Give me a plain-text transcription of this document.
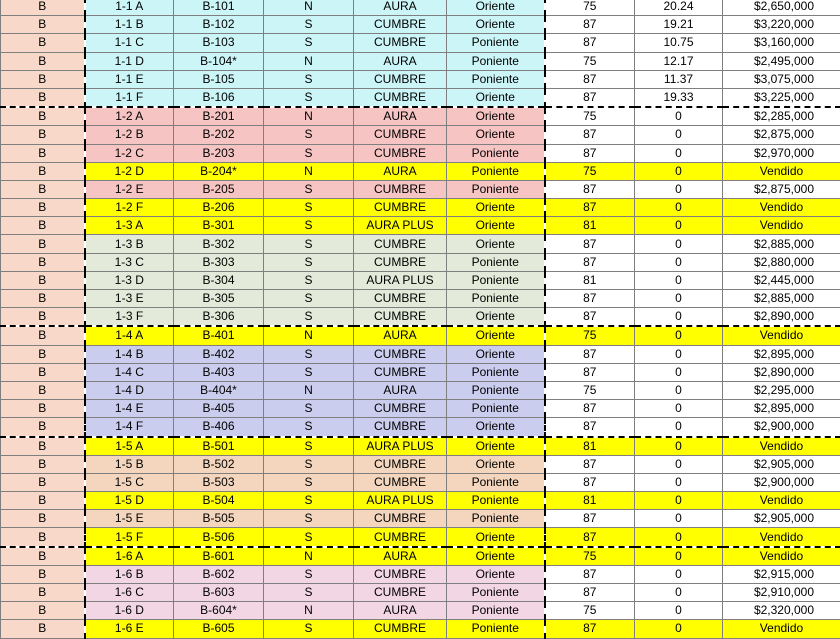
B	1-1 A	B-101	N	AURA	Oriente	75	20.24	$2,650,000
B	1-1 B	B-102	S	CUMBRE	Oriente	87	19.21	$3,220,000
B	1-1 C	B-103	S	CUMBRE	Poniente	87	10.75	$3,160,000
B	1-1 D	B-104*	N	AURA	Poniente	75	12.17	$2,495,000
B	1-1 E	B-105	S	CUMBRE	Poniente	87	11.37	$3,075,000
B	1-1 F	B-106	S	CUMBRE	Oriente	87	19.33	$3,225,000
B	1-2 A	B-201	N	AURA	Oriente	75	0	$2,285,000
B	1-2 B	B-202	S	CUMBRE	Oriente	87	0	$2,875,000
B	1-2 C	B-203	S	CUMBRE	Poniente	87	0	$2,970,000
B	1-2 D	B-204*	N	AURA	Poniente	75	0	Vendido
B	1-2 E	B-205	S	CUMBRE	Poniente	87	0	$2,875,000
B	1-2 F	B-206	S	CUMBRE	Oriente	87	0	Vendido
B	1-3 A	B-301	S	AURA PLUS	Oriente	81	0	Vendido
B	1-3 B	B-302	S	CUMBRE	Oriente	87	0	$2,885,000
B	1-3 C	B-303	S	CUMBRE	Poniente	87	0	$2,880,000
B	1-3 D	B-304	S	AURA PLUS	Poniente	81	0	$2,445,000
B	1-3 E	B-305	S	CUMBRE	Poniente	87	0	$2,885,000
B	1-3 F	B-306	S	CUMBRE	Oriente	87	0	$2,890,000
B	1-4 A	B-401	N	AURA	Oriente	75	0	Vendido
B	1-4 B	B-402	S	CUMBRE	Oriente	87	0	$2,895,000
B	1-4 C	B-403	S	CUMBRE	Poniente	87	0	$2,890,000
B	1-4 D	B-404*	N	AURA	Poniente	75	0	$2,295,000
B	1-4 E	B-405	S	CUMBRE	Poniente	87	0	$2,895,000
B	1-4 F	B-406	S	CUMBRE	Oriente	87	0	$2,900,000
B	1-5 A	B-501	S	AURA PLUS	Oriente	81	0	Vendido
B	1-5 B	B-502	S	CUMBRE	Oriente	87	0	$2,905,000
B	1-5 C	B-503	S	CUMBRE	Poniente	87	0	$2,900,000
B	1-5 D	B-504	S	AURA PLUS	Poniente	81	0	Vendido
B	1-5 E	B-505	S	CUMBRE	Poniente	87	0	$2,905,000
B	1-5 F	B-506	S	CUMBRE	Oriente	87	0	Vendido
B	1-6 A	B-601	N	AURA	Oriente	75	0	Vendido
B	1-6 B	B-602	S	CUMBRE	Oriente	87	0	$2,915,000
B	1-6 C	B-603	S	CUMBRE	Poniente	87	0	$2,910,000
B	1-6 D	B-604*	N	AURA	Poniente	75	0	$2,320,000
B	1-6 E	B-605	S	CUMBRE	Poniente	87	0	Vendido
